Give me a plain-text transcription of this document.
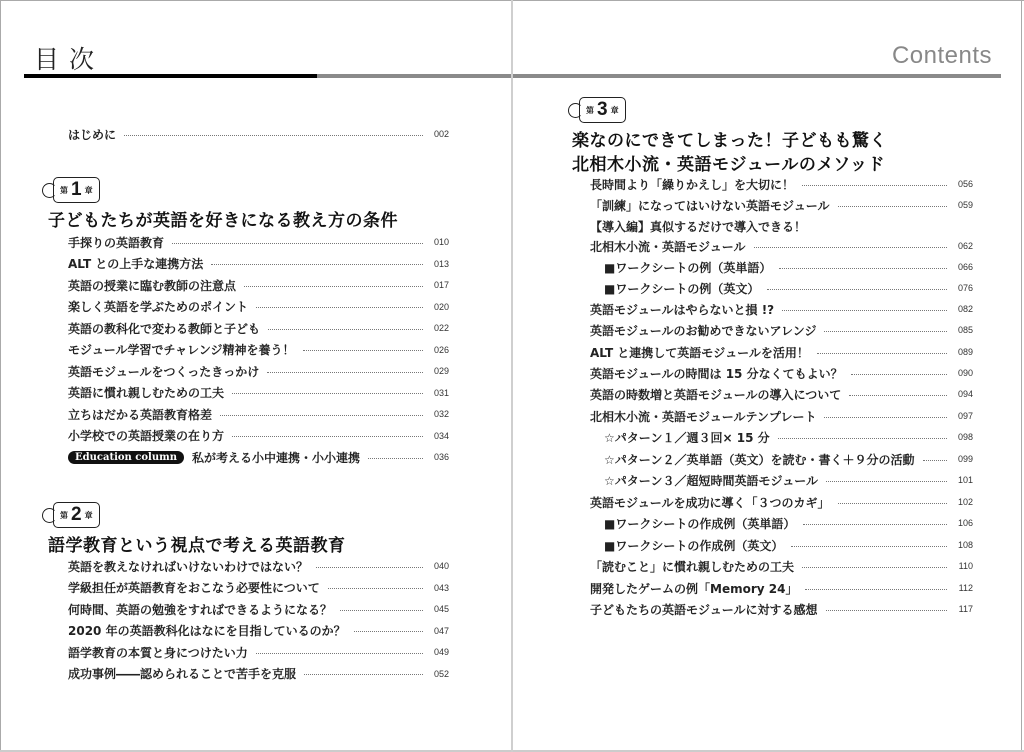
目次	Contents
はじめに	002
第 1 章
子どもたちが英語を好きになる教え方の条件
手探りの英語教育	010
ALT との上手な連携方法	013
英語の授業に臨む教師の注意点	017
楽しく英語を学ぶためのポイント	020
英語の教科化で変わる教師と子ども	022
モジュール学習でチャレンジ精神を養う！	026
英語モジュールをつくったきっかけ	029
英語に慣れ親しむための工夫	031
立ちはだかる英語教育格差	032
小学校での英語授業の在り方	034
Education column	私が考える小中連携・小小連携	036
第 2 章
語学教育という視点で考える英語教育
英語を教えなければいけないわけではない？	040
学級担任が英語教育をおこなう必要性について	043
何時間、英語の勉強をすればできるようになる？	045
2020 年の英語教科化はなにを目指しているのか？	047
語学教育の本質と身につけたい力	049
成功事例――認められることで苦手を克服	052
第 3 章
楽なのにできてしまった！子どもも驚く
北相木小流・英語モジュールのメソッド
長時間より「繰りかえし」を大切に！	056
「訓練」になってはいけない英語モジュール	059
【導入編】真似するだけで導入できる！
北相木小流・英語モジュール	062
■ワークシートの例（英単語）	066
■ワークシートの例（英文）	076
英語モジュールはやらないと損 !?	082
英語モジュールのお勧めできないアレンジ	085
ALT と連携して英語モジュールを活用！	089
英語モジュールの時間は 15 分なくてもよい？	090
英語の時数増と英語モジュールの導入について	094
北相木小流・英語モジュールテンプレート	097
☆パターン１／週３回× 15 分	098
☆パターン２／英単語（英文）を読む・書く＋９分の活動	099
☆パターン３／超短時間英語モジュール	101
英語モジュールを成功に導く「３つのカギ」	102
■ワークシートの作成例（英単語）	106
■ワークシートの作成例（英文）	108
「読むこと」に慣れ親しむための工夫	110
開発したゲームの例「Memory 24」	112
子どもたちの英語モジュールに対する感想	117
